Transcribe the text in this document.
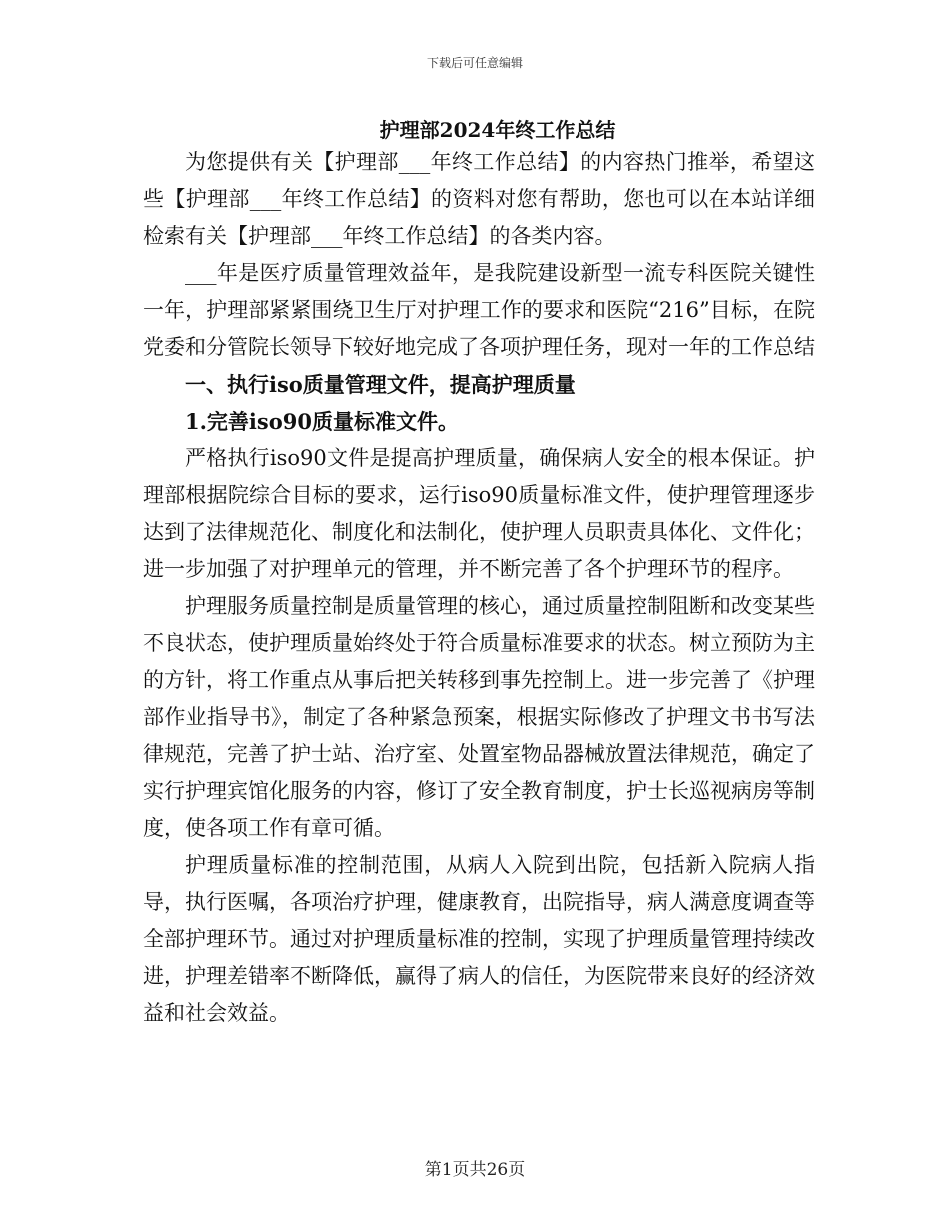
下载后可任意编辑
护理部2024年终工作总结

为您提供有关【护理部___年终工作总结】的内容热门推举，希望这些【护理部___年终工作总结】的资料对您有帮助，您也可以在本站详细检索有关【护理部___年终工作总结】的各类内容。

___年是医疗质量管理效益年，是我院建设新型一流专科医院关键性一年，护理部紧紧围绕卫生厅对护理工作的要求和医院“216”目标，在院党委和分管院长领导下较好地完成了各项护理任务，现对一年的工作总结

一、执行iso质量管理文件，提高护理质量

1.完善iso90质量标准文件。

严格执行iso90文件是提高护理质量，确保病人安全的根本保证。护理部根据院综合目标的要求，运行iso90质量标准文件，使护理管理逐步达到了法律规范化、制度化和法制化，使护理人员职责具体化、文件化；进一步加强了对护理单元的管理，并不断完善了各个护理环节的程序。

护理服务质量控制是质量管理的核心，通过质量控制阻断和改变某些不良状态，使护理质量始终处于符合质量标准要求的状态。树立预防为主的方针，将工作重点从事后把关转移到事先控制上。进一步完善了《护理部作业指导书》，制定了各种紧急预案，根据实际修改了护理文书书写法律规范，完善了护士站、治疗室、处置室物品器械放置法律规范，确定了实行护理宾馆化服务的内容，修订了安全教育制度，护士长巡视病房等制度，使各项工作有章可循。

护理质量标准的控制范围，从病人入院到出院，包括新入院病人指导，执行医嘱，各项治疗护理，健康教育，出院指导，病人满意度调查等全部护理环节。通过对护理质量标准的控制，实现了护理质量管理持续改进，护理差错率不断降低，赢得了病人的信任，为医院带来良好的经济效益和社会效益。

第1页共26页
